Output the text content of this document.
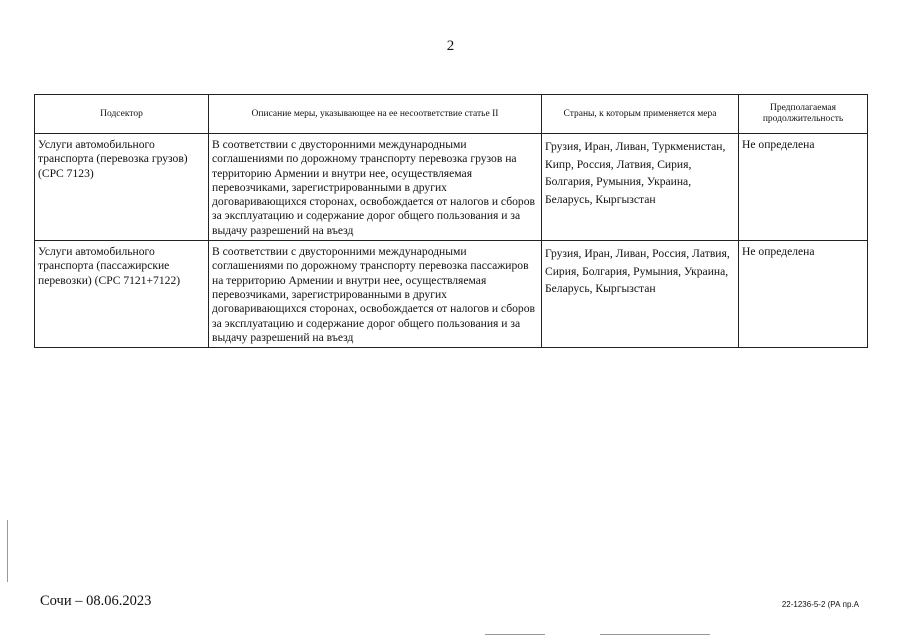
2
Подсектор	Описание меры, указывающее на ее несоответствие статье II	Страны, к которым применяется мера	Предполагаемая продолжительность
Услуги автомобильного транспорта (перевозка грузов) (CPC 7123)	В соответствии с двусторонними международными соглашениями по дорожному транспорту перевозка грузов на территорию Армении и внутри нее, осуществляемая перевозчиками, зарегистрированными в других договаривающихся сторонах, освобождается от налогов и сборов за эксплуатацию и содержание дорог общего пользования и за выдачу разрешений на въезд	Грузия, Иран, Ливан, Туркменистан, Кипр, Россия, Латвия, Сирия, Болгария, Румыния, Украина, Беларусь, Кыргызстан	Не определена
Услуги автомобильного транспорта (пассажирские перевозки) (CPC 7121+7122)	В соответствии с двусторонними международными соглашениями по дорожному транспорту перевозка пассажиров на территорию Армении и внутри нее, осуществляемая перевозчиками, зарегистрированными в других договаривающихся сторонах, освобождается от налогов и сборов за эксплуатацию и содержание дорог общего пользования и за выдачу разрешений на въезд	Грузия, Иран, Ливан, Россия, Латвия, Сирия, Болгария, Румыния, Украина, Беларусь, Кыргызстан	Не определена
Сочи – 08.06.2023	22-1236-5-2 (РА пр.А
